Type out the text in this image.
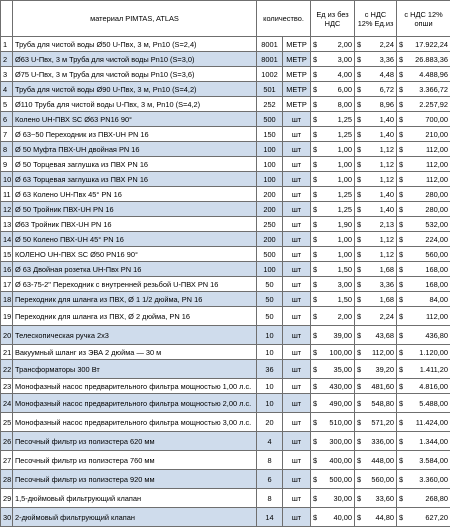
	материал PIMTAS, ATLAS	количество.		Ед из без НДС		с НДС 12% Ед.из		с НДС 12% опши	
1	Труба для чистой воды Ø50 U-Пвх, 3 м, Pn10 (S=2,4)	8001	МЕТР	$	2,00	$	2,24	$	17.922,24
2	Ø63 U-Пвх, 3 м Труба для чистой воды Pn10 (S=3,0)	8001	МЕТР	$	3,00	$	3,36	$	26.883,36
3	Ø75 U-Пвх, 3 м Труба для чистой воды Pn10 (S=3,6)	1002	МЕТР	$	4,00	$	4,48	$	4.488,96
4	Труба для чистой воды Ø90 U-Пвх, 3 м, Pn10 (S=4,2)	501	МЕТР	$	6,00	$	6,72	$	3.366,72
5	Ø110 Труба для чистой воды U-Пвх, 3 м, Pn10 (S=4,2)	252	МЕТР	$	8,00	$	8,96	$	2.257,92
6	Колено UH-ПВХ SC Ø63 PN16 90°	500	шт	$	1,25	$	1,40	$	700,00
7	Ø 63~50 Переходник из ПВХ-UH PN 16	150	шт	$	1,25	$	1,40	$	210,00
8	Ø 50 Муфта ПВХ-UH двойная PN 16	100	шт	$	1,00	$	1,12	$	112,00
9	Ø 50 Торцевая заглушка из ПВХ PN 16	100	шт	$	1,00	$	1,12	$	112,00
10	Ø 63 Торцевая заглушка из ПВХ PN 16	100	шт	$	1,00	$	1,12	$	112,00
11	Ø 63 Колено UH-Пвх 45° PN 16	200	шт	$	1,25	$	1,40	$	280,00
12	Ø 50 Тройник ПВХ-UH PN 16	200	шт	$	1,25	$	1,40	$	280,00
13	Ø63 Тройник ПВХ-UH PN 16	250	шт	$	1,90	$	2,13	$	532,00
14	Ø 50 Колено ПВХ-UH 45° PN 16	200	шт	$	1,00	$	1,12	$	224,00
15	КОЛЕНО UH-ПВХ SC Ø50 PN16 90°	500	шт	$	1,00	$	1,12	$	560,00
16	Ø 63 Двойная розетка UH-Пвх PN 16	100	шт	$	1,50	$	1,68	$	168,00
17	Ø 63-75-2" Переходник с внутренней резьбой U-ПВХ PN 16	50	шт	$	3,00	$	3,36	$	168,00
18	Переходник для шланга из ПВХ, Ø 1 1/2 дюйма, PN 16	50	шт	$	1,50	$	1,68	$	84,00
19	Переходник для шланга из ПВХ, Ø 2 дюйма, PN 16	50	шт	$	2,00	$	2,24	$	112,00
20	Телескопическая ручка 2x3	10	шт	$	39,00	$	43,68	$	436,80
21	Вакуумный шланг из ЭВА 2 дюйма — 30 м	10	шт	$	100,00	$	112,00	$	1.120,00
22	Трансформаторы 300 Вт	36	шт	$	35,00	$	39,20	$	1.411,20
23	Монофазный насос предварительного фильтра мощностью 1,00 л.с.	10	шт	$	430,00	$	481,60	$	4.816,00
24	Монофазный насос предварительного фильтра мощностью 2,00 л.с.	10	шт	$	490,00	$	548,80	$	5.488,00
25	Монофазный насос предварительного фильтра мощностью 3,00 л.с.	20	шт	$	510,00	$	571,20	$	11.424,00
26	Песочный фильтр из полиэстера 620 мм	4	шт	$	300,00	$	336,00	$	1.344,00
27	Песочный фильтр из полиэстера 760 мм	8	шт	$	400,00	$	448,00	$	3.584,00
28	Песочный фильтр из полиэстера 920 мм	6	шт	$	500,00	$	560,00	$	3.360,00
29	1,5-дюймовый фильтрующий клапан	8	шт	$	30,00	$	33,60	$	268,80
30	2-дюймовый фильтрующий клапан	14	шт	$	40,00	$	44,80	$	627,20
